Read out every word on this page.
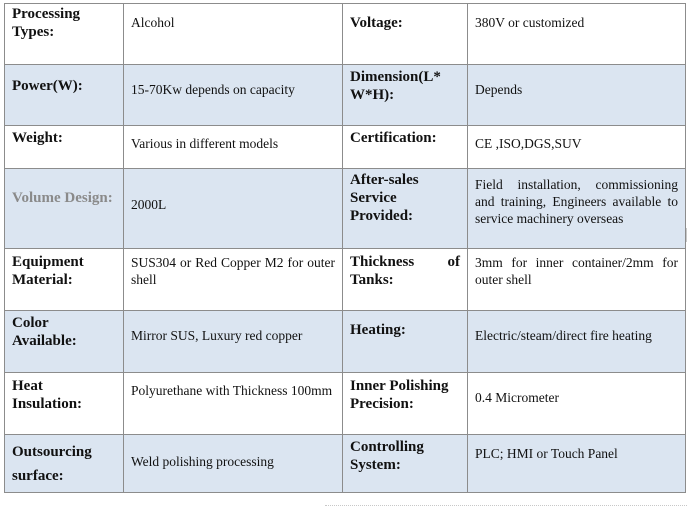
Processing Types:	Alcohol	Voltage:	380V or customized
Power(W):	15-70Kw depends on capacity	Dimension(L* W*H):	Depends
Weight:	Various in different models	Certification:	CE ,ISO,DGS,SUV
Volume Design:	2000L	After-sales Service Provided:	Field installation, commissioning and training, Engineers available to service machinery overseas
Equipment Material:	SUS304 or Red Copper M2 for outer shell	Thickness of Tanks:	3mm for inner container/2mm for outer shell
Color Available:	Mirror SUS, Luxury red copper	Heating:	Electric/steam/direct fire heating
Heat Insulation:	Polyurethane with Thickness 100mm	Inner Polishing Precision:	0.4 Micrometer
Outsourcing surface:	Weld polishing processing	Controlling System:	PLC; HMI or Touch Panel
